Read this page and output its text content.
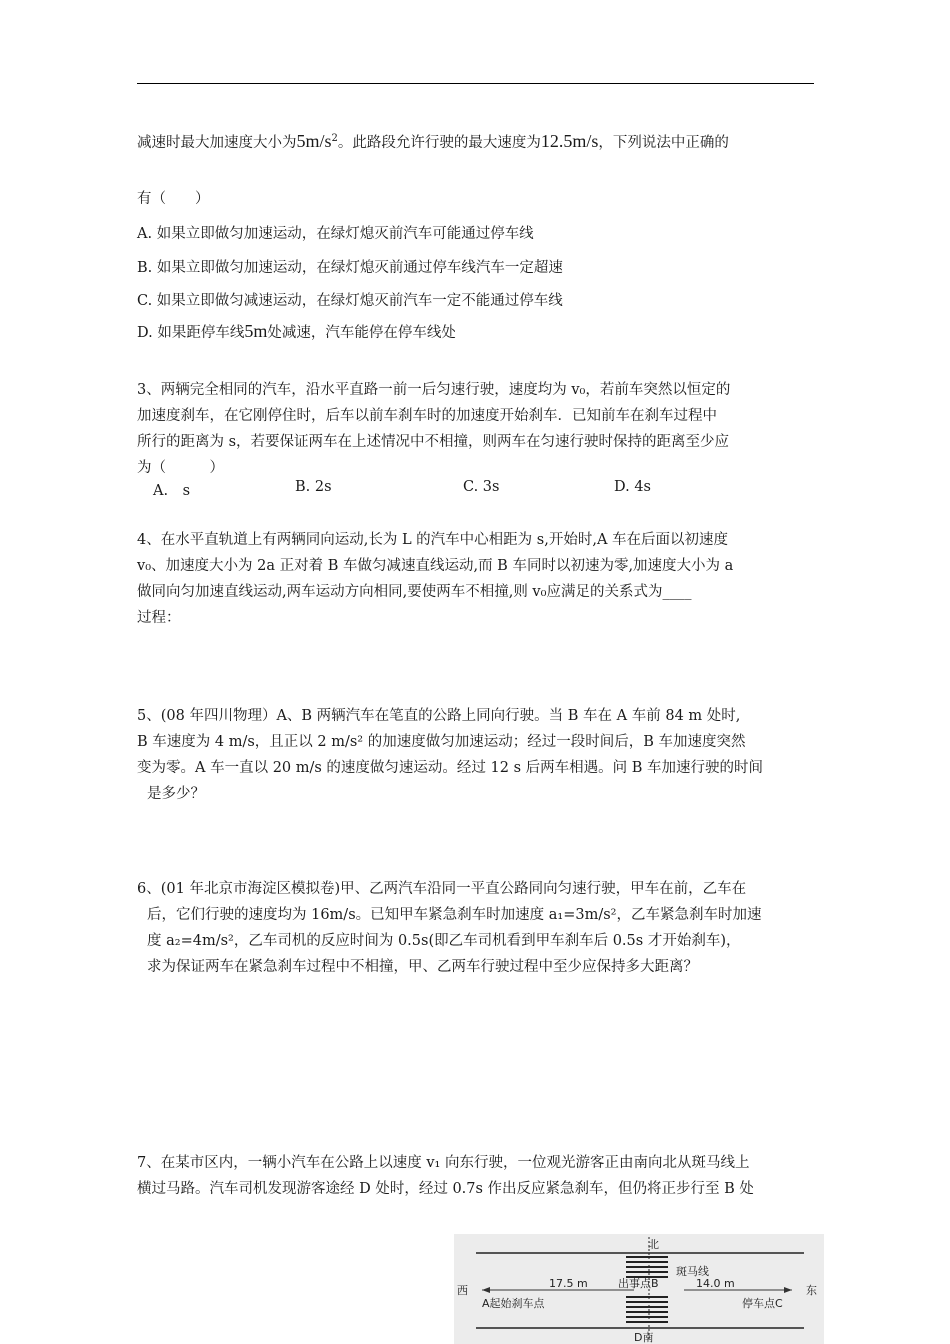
减速时最大加速度大小为$5m/s^2$。此路段允许行驶的最大速度为12.5m/s，下列说法中正确的
有（　　）
A. 如果立即做匀加速运动，在绿灯熄灭前汽车可能通过停车线
B. 如果立即做匀加速运动，在绿灯熄灭前通过停车线汽车一定超速
C. 如果立即做匀减速运动，在绿灯熄灭前汽车一定不能通过停车线
D. 如果距停车线5m处减速，汽车能停在停车线处
3、两辆完全相同的汽车，沿水平直路一前一后匀速行驶，速度均为 v₀，若前车突然以恒定的
加速度刹车，在它刚停住时，后车以前车刹车时的加速度开始刹车．已知前车在刹车过程中
所行的距离为 s，若要保证两车在上述情况中不相撞，则两车在匀速行驶时保持的距离至少应
为（　　　）
A.　s	B. 2s	C. 3s	D. 4s
4、在水平直轨道上有两辆同向运动,长为 L 的汽车中心相距为 s,开始时,A 车在后面以初速度
v₀、加速度大小为 2a 正对着 B 车做匀减速直线运动,而 B 车同时以初速为零,加速度大小为 a
做同向匀加速直线运动,两车运动方向相同,要使两车不相撞,则 v₀应满足的关系式为____
过程：
5、(08 年四川物理）A、B 两辆汽车在笔直的公路上同向行驶。当 B 车在 A 车前 84 m 处时,
B 车速度为 4 m/s，且正以 2 m/s² 的加速度做匀加速运动；经过一段时间后，B 车加速度突然
变为零。A 车一直以 20 m/s 的速度做匀速运动。经过 12 s 后两车相遇。问 B 车加速行驶的时间
是多少？
6、(01 年北京市海淀区模拟卷)甲、乙两汽车沿同一平直公路同向匀速行驶，甲车在前，乙车在
后，它们行驶的速度均为 16m/s。已知甲车紧急刹车时加速度 a₁=3m/s²，乙车紧急刹车时加速
度 a₂=4m/s²，乙车司机的反应时间为 0.5s(即乙车司机看到甲车刹车后 0.5s 才开始刹车)，
求为保证两车在紧急刹车过程中不相撞，甲、乙两车行驶过程中至少应保持多大距离？
7、在某市区内，一辆小汽车在公路上以速度 v₁ 向东行驶，一位观光游客正由南向北从斑马线上
横过马路。汽车司机发现游客途经 D 处时，经过 0.7s 作出反应紧急刹车，但仍将正步行至 B 处
北
西	东
斑马线
出事点B
17.5 m	14.0 m
A起始刹车点	停车点C
D南
